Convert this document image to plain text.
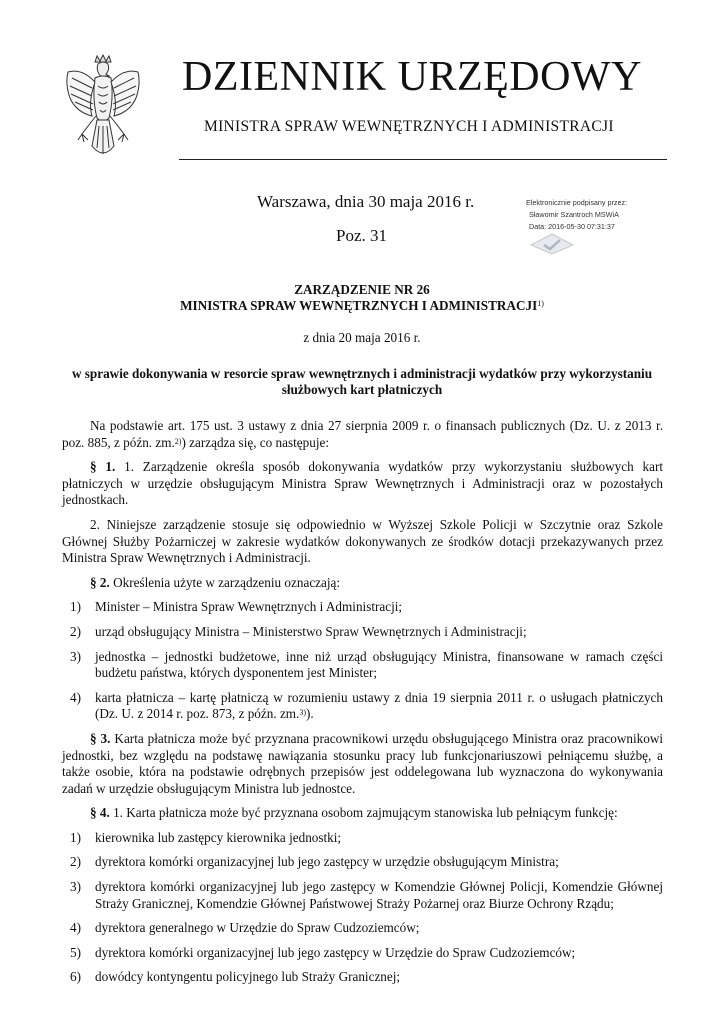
DZIENNIK URZĘDOWY
MINISTRA SPRAW WEWNĘTRZNYCH I ADMINISTRACJI
Warszawa, dnia 30 maja 2016 r.
Poz. 31
Elektronicznie podpisany przez:
Sławomir Szantroch MSWiA
Data: 2016-05-30 07:31:37
ZARZĄDZENIE NR 26
MINISTRA SPRAW WEWNĘTRZNYCH I ADMINISTRACJI$^{1)}$
z dnia 20 maja 2016 r.
w sprawie dokonywania w resorcie spraw wewnętrznych i administracji wydatków przy wykorzystaniu
służbowych kart płatniczych

Na podstawie art. 175 ust. 3 ustawy z dnia 27 sierpnia 2009 r. o finansach publicznych (Dz. U. z 2013 r. poz. 885, z późn. zm.$^{2)}$) zarządza się, co następuje:

§ 1. 1. Zarządzenie określa sposób dokonywania wydatków przy wykorzystaniu służbowych kart płatniczych w urzędzie obsługującym Ministra Spraw Wewnętrznych i Administracji oraz w pozostałych jednostkach.

2. Niniejsze zarządzenie stosuje się odpowiednio w Wyższej Szkole Policji w Szczytnie oraz Szkole Głównej Służby Pożarniczej w zakresie wydatków dokonywanych ze środków dotacji przekazywanych przez Ministra Spraw Wewnętrznych i Administracji.

§ 2. Określenia użyte w zarządzeniu oznaczają:

1) Minister – Ministra Spraw Wewnętrznych i Administracji;
2) urząd obsługujący Ministra – Ministerstwo Spraw Wewnętrznych i Administracji;
3) jednostka – jednostki budżetowe, inne niż urząd obsługujący Ministra, finansowane w ramach części budżetu państwa, których dysponentem jest Minister;
4) karta płatnicza – kartę płatniczą w rozumieniu ustawy z dnia 19 sierpnia 2011 r. o usługach płatniczych (Dz. U. z 2014 r. poz. 873, z późn. zm.$^{3)}$).

§ 3. Karta płatnicza może być przyznana pracownikowi urzędu obsługującego Ministra oraz pracownikowi jednostki, bez względu na podstawę nawiązania stosunku pracy lub funkcjonariuszowi pełniącemu służbę, a także osobie, która na podstawie odrębnych przepisów jest oddelegowana lub wyznaczona do wykonywania zadań w urzędzie obsługującym Ministra lub jednostce.

§ 4. 1. Karta płatnicza może być przyznana osobom zajmującym stanowiska lub pełniącym funkcję:

1) kierownika lub zastępcy kierownika jednostki;
2) dyrektora komórki organizacyjnej lub jego zastępcy w urzędzie obsługującym Ministra;
3) dyrektora komórki organizacyjnej lub jego zastępcy w Komendzie Głównej Policji, Komendzie Głównej Straży Granicznej, Komendzie Głównej Państwowej Straży Pożarnej oraz Biurze Ochrony Rządu;
4) dyrektora generalnego w Urzędzie do Spraw Cudzoziemców;
5) dyrektora komórki organizacyjnej lub jego zastępcy w Urzędzie do Spraw Cudzoziemców;
6) dowódcy kontyngentu policyjnego lub Straży Granicznej;
